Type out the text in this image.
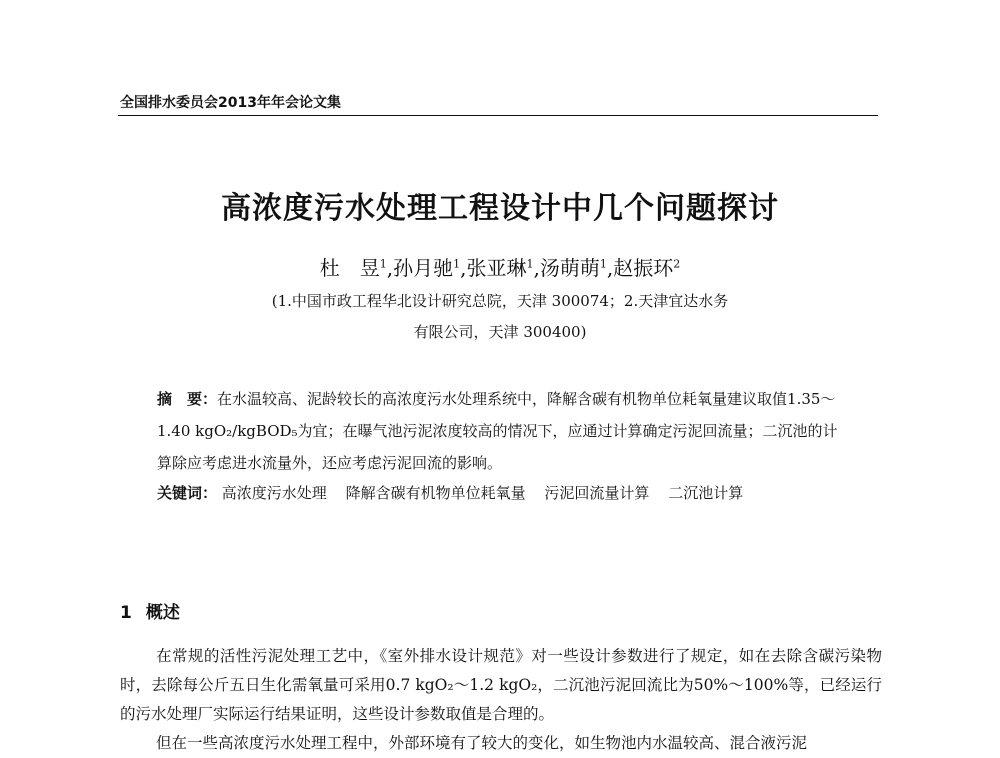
全国排水委员会2013年年会论文集
高浓度污水处理工程设计中几个问题探讨
杜　昱$^1$,孙月驰$^1$,张亚琳$^1$,汤萌萌$^1$,赵振环$^2$
(1.中国市政工程华北设计研究总院，天津 300074；2.天津宜达水务
有限公司，天津 300400)
摘　要：在水温较高、泥龄较长的高浓度污水处理系统中，降解含碳有机物单位耗氧量建议取值1.35～1.40 kgO₂/kgBOD₅为宜；在曝气池污泥浓度较高的情况下，应通过计算确定污泥回流量；二沉池的计算除应考虑进水流量外，还应考虑污泥回流的影响。
关键词： 高浓度污水处理 降解含碳有机物单位耗氧量 污泥回流量计算 二沉池计算
1 概述
在常规的活性污泥处理工艺中，《室外排水设计规范》对一些设计参数进行了规定，如在去除含碳污染物时，去除每公斤五日生化需氧量可采用0.7 kgO₂～1.2 kgO₂，二沉池污泥回流比为50%～100%等，已经运行的污水处理厂实际运行结果证明，这些设计参数取值是合理的。
但在一些高浓度污水处理工程中，外部环境有了较大的变化，如生物池内水温较高、混合液污泥
